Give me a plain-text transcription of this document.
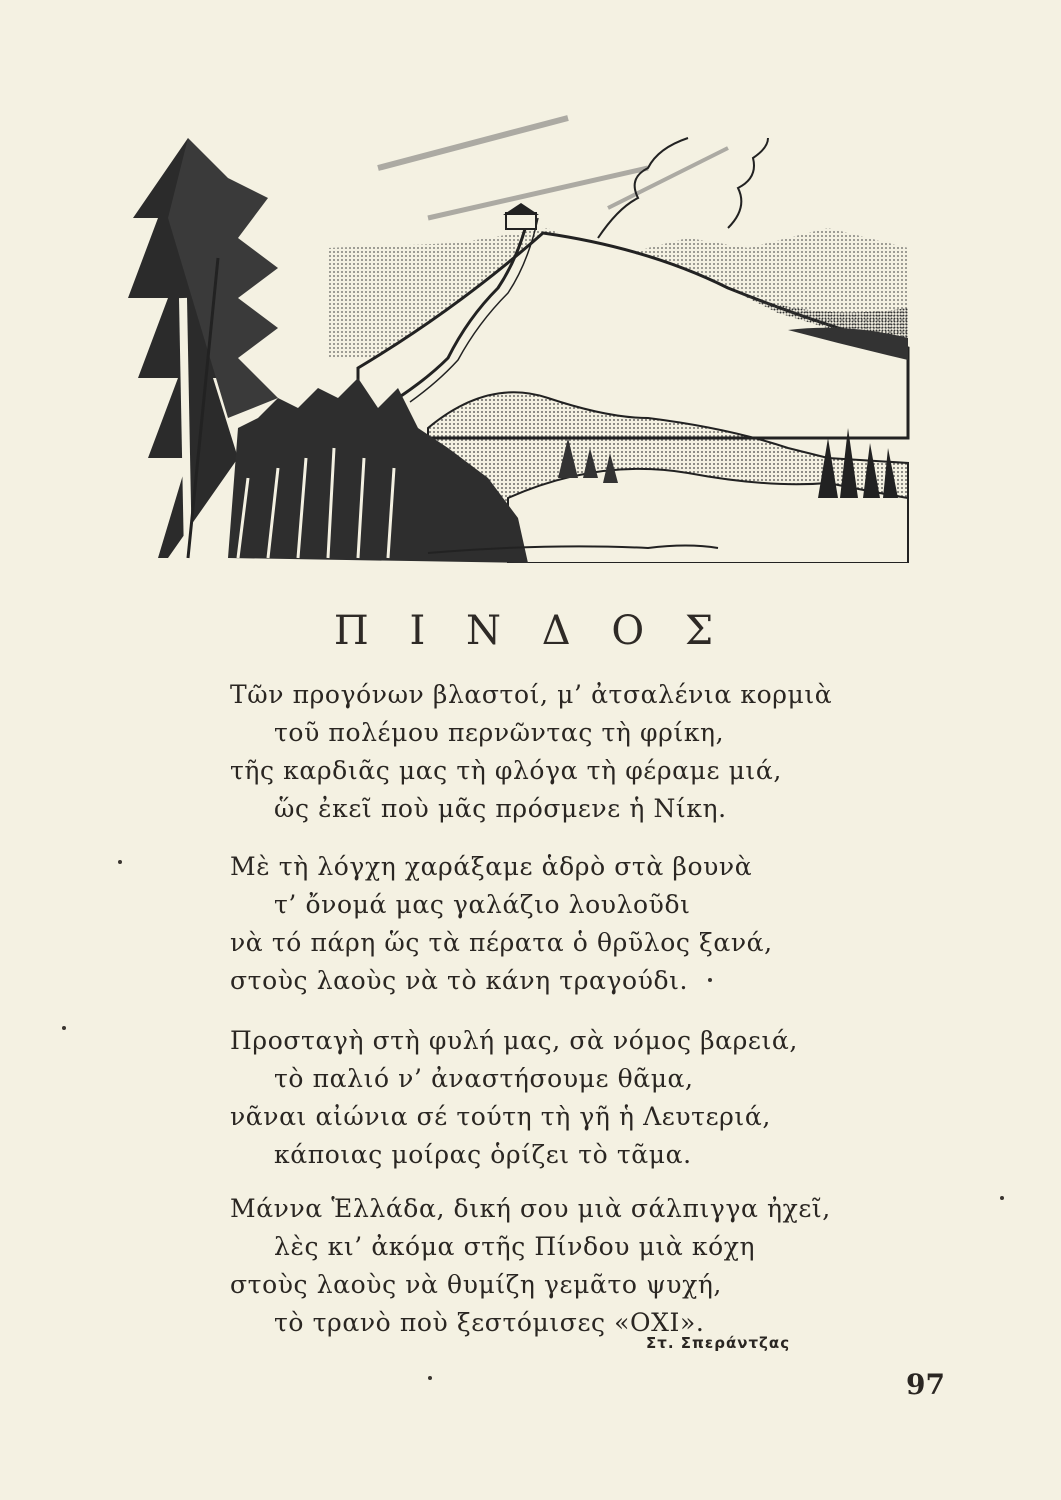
Π Ι Ν Δ Ο Σ
Τῶν προγόνων βλαστοί, μ’ ἀτσαλένια κορμιὰ
τοῦ πολέμου περνῶντας τὴ φρίκη,
τῆς καρδιᾶς μας τὴ φλόγα τὴ φέραμε μιά,
ὥς ἐκεῖ ποὺ μᾶς πρόσμενε ἡ Νίκη.
Μὲ τὴ λόγχη χαράξαμε ἁδρὸ στὰ βουνὰ
τ’ ὄνομά μας γαλάζιο λουλοῦδι
νὰ τό πάρη ὥς τὰ πέρατα ὁ θρῦλος ξανά,
στοὺς λαοὺς νὰ τὸ κάνη τραγούδι.
Προσταγὴ στὴ φυλή μας, σὰ νόμος βαρειά,
τὸ παλιό ν’ ἀναστήσουμε θᾶμα,
νᾶναι αἰώνια σέ τούτη τὴ γῆ ἡ Λευτεριά,
κάποιας μοίρας ὁρίζει τὸ τᾶμα.
Μάννα Ἑλλάδα, δική σου μιὰ σάλπιγγα ἠχεῖ,
λὲς κι’ ἀκόμα στῆς Πίνδου μιὰ κόχη
στοὺς λαοὺς νὰ θυμίζη γεμᾶτο ψυχή,
τὸ τρανὸ ποὺ ξεστόμισες «ΟΧΙ».
Στ. Σπεράντζας
97
